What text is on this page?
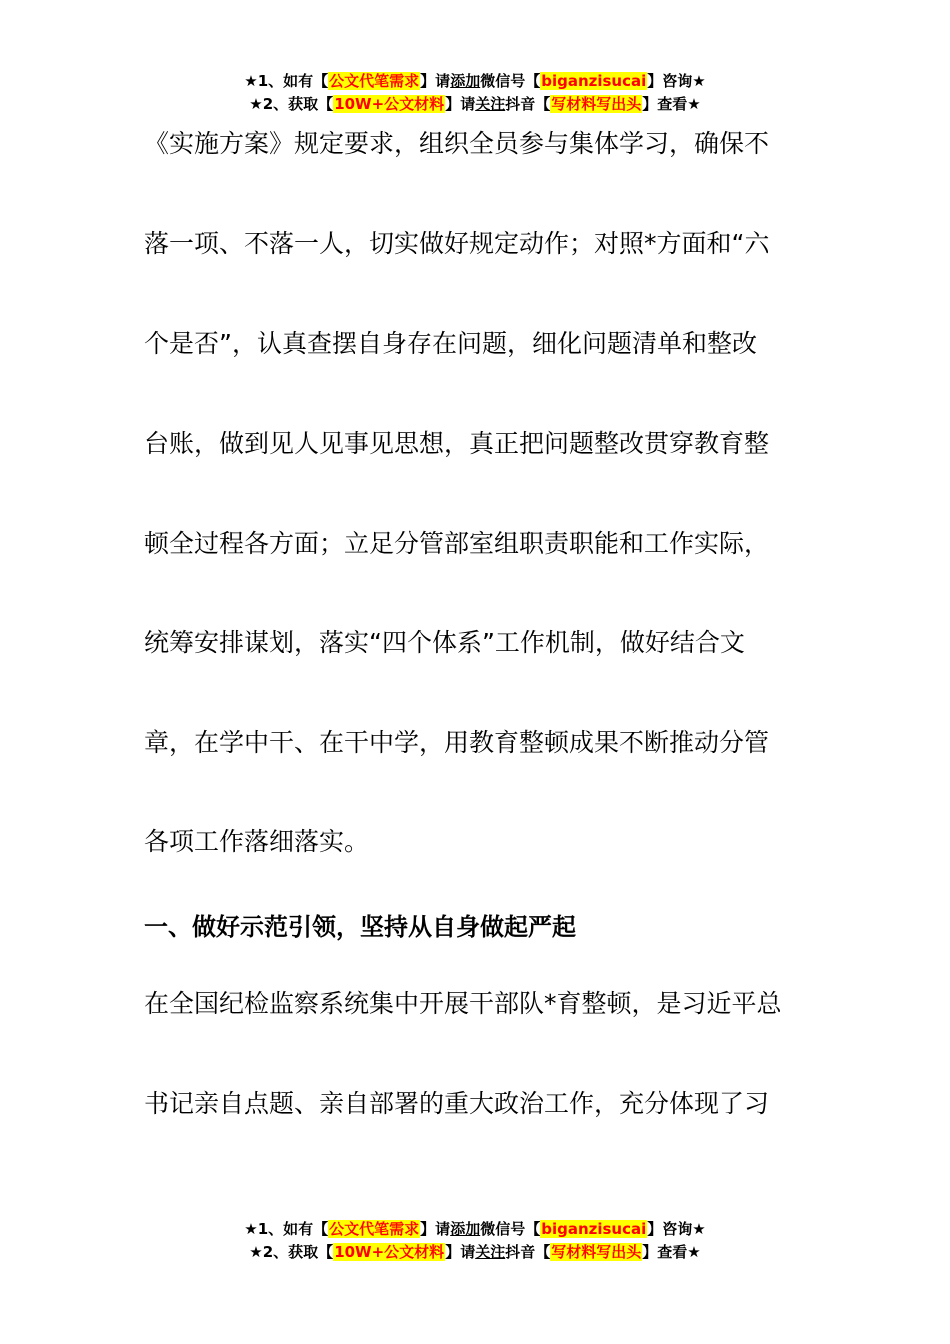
★1、如有【公文代笔需求】请添加微信号【biganzisucai】咨询★
★2、获取【10W+公文材料】请关注抖音【写材料写出头】查看★
《实施方案》规定要求，组织全员参与集体学习，确保不
落一项、不落一人，切实做好规定动作；对照*方面和“六
个是否”，认真查摆自身存在问题，细化问题清单和整改
台账，做到见人见事见思想，真正把问题整改贯穿教育整
顿全过程各方面；立足分管部室组职责职能和工作实际，
统筹安排谋划，落实“四个体系”工作机制，做好结合文
章，在学中干、在干中学，用教育整顿成果不断推动分管
各项工作落细落实。
一、做好示范引领，坚持从自身做起严起
在全国纪检监察系统集中开展干部队*育整顿，是习近平总
书记亲自点题、亲自部署的重大政治工作，充分体现了习
★1、如有【公文代笔需求】请添加微信号【biganzisucai】咨询★
★2、获取【10W+公文材料】请关注抖音【写材料写出头】查看★
